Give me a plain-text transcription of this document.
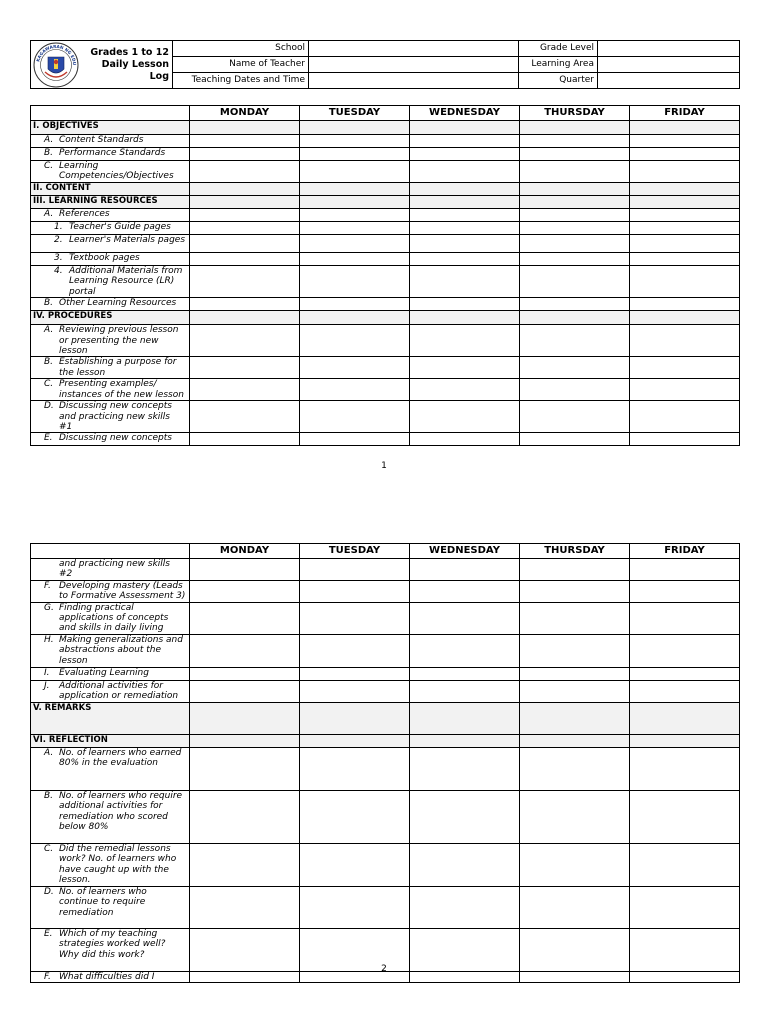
KAGAWARAN NG EDU
Grades 1 to 12
Daily Lesson Log	School		Grade Level	
	Name of Teacher		Learning Area	
	Teaching Dates and Time		Quarter	
	MONDAY	TUESDAY	WEDNESDAY	THURSDAY	FRIDAY
I. OBJECTIVES					

A. Content Standards					

B. Performance Standards					

C. Learning Competencies/Objectives					

II. CONTENT					
III. LEARNING RESOURCES					

A. References					

1. Teacher's Guide pages					

2. Learner's Materials pages					

3. Textbook pages					

4. Additional Materials from Learning Resource (LR) portal					

B. Other Learning Resources					

IV. PROCEDURES					

A. Reviewing previous lesson or presenting the new lesson					

B. Establishing a purpose for the lesson					

C. Presenting examples/ instances of the new lesson					

D. Discussing new concepts and practicing new skills #1					

E. Discussing new concepts					

1
	MONDAY	TUESDAY	WEDNESDAY	THURSDAY	FRIDAY

and practicing new skills #2					

F. Developing mastery (Leads to Formative Assessment 3)					

G. Finding practical applications of concepts and skills in daily living					

H. Making generalizations and abstractions about the lesson					

I. Evaluating Learning					

J. Additional activities for application or remediation					

V. REMARKS					
VI. REFLECTION					

A. No. of learners who earned 80% in the evaluation					

B. No. of learners who require additional activities for remediation who scored below 80%					

C. Did the remedial lessons work? No. of learners who have caught up with the lesson.					

D. No. of learners who continue to require remediation					

E. Which of my teaching strategies worked well? Why did this work?					

F. What difficulties did I					

2
